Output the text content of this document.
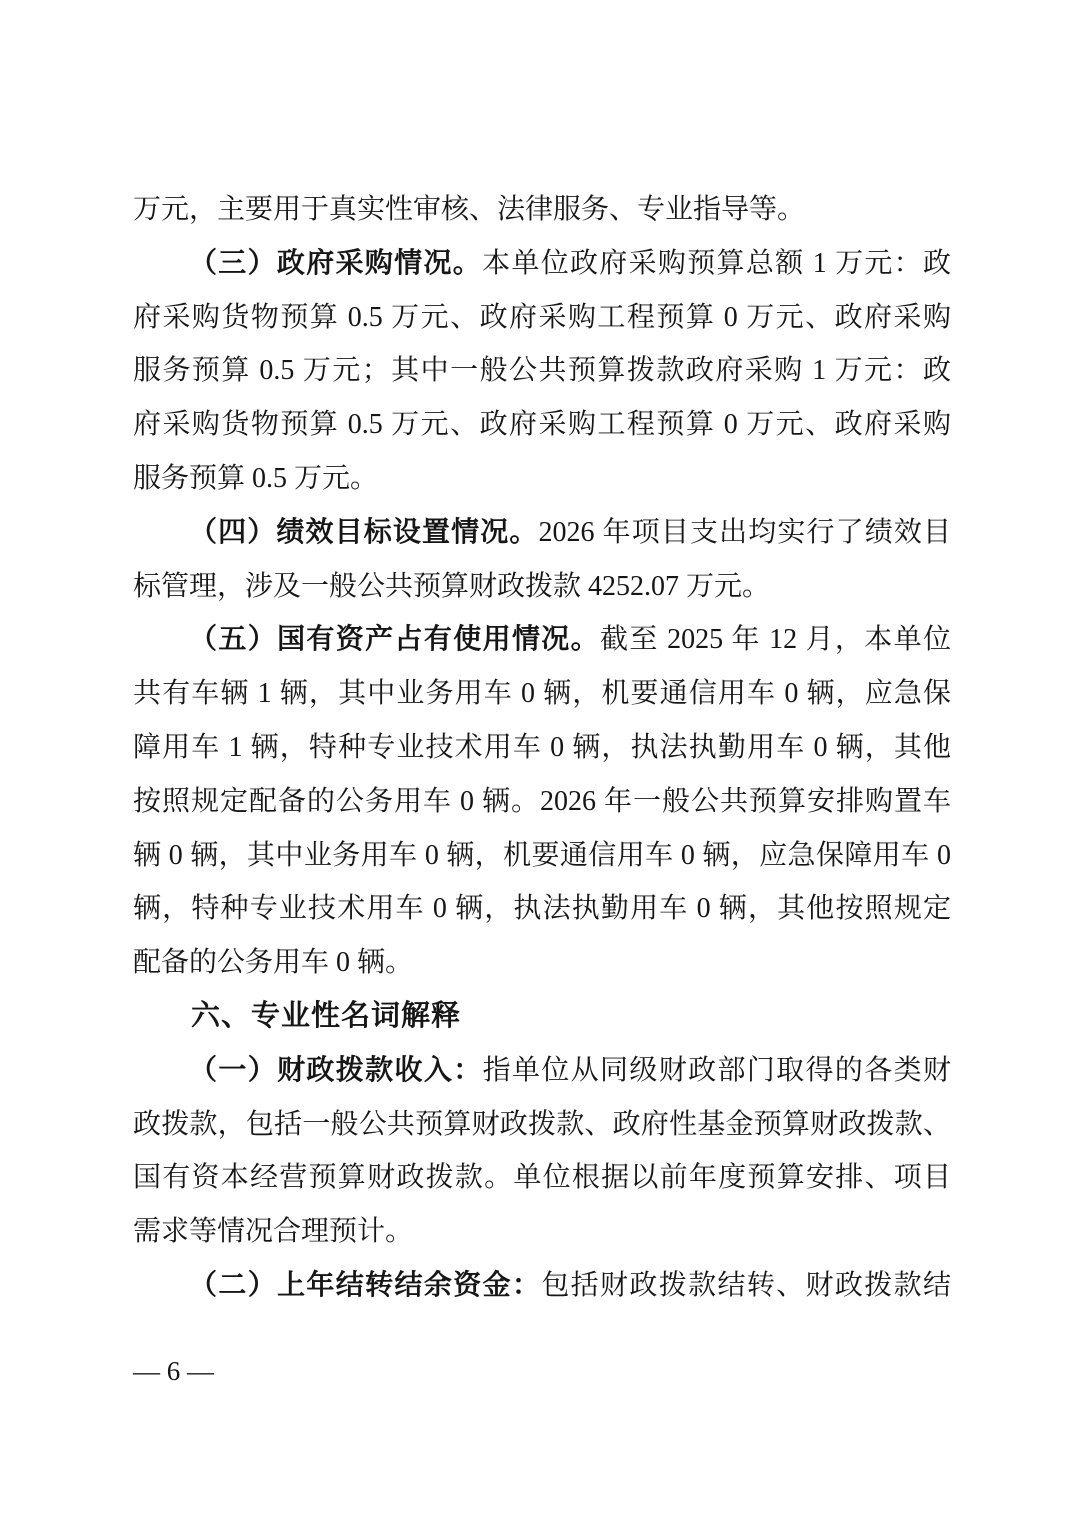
万元，主要用于真实性审核、法律服务、专业指导等。
（三）政府采购情况。本单位政府采购预算总额 1 万元：政
府采购货物预算 0.5 万元、政府采购工程预算 0 万元、政府采购
服务预算 0.5 万元；其中一般公共预算拨款政府采购 1 万元：政
府采购货物预算 0.5 万元、政府采购工程预算 0 万元、政府采购
服务预算 0.5 万元。
（四）绩效目标设置情况。2026 年项目支出均实行了绩效目
标管理，涉及一般公共预算财政拨款 4252.07 万元。
（五）国有资产占有使用情况。截至 2025 年 12 月，本单位
共有车辆 1 辆，其中业务用车 0 辆，机要通信用车 0 辆，应急保
障用车 1 辆，特种专业技术用车 0 辆，执法执勤用车 0 辆，其他
按照规定配备的公务用车 0 辆。2026 年一般公共预算安排购置车
辆 0 辆，其中业务用车 0 辆，机要通信用车 0 辆，应急保障用车 0
辆，特种专业技术用车 0 辆，执法执勤用车 0 辆，其他按照规定
配备的公务用车 0 辆。
六、专业性名词解释
（一）财政拨款收入：指单位从同级财政部门取得的各类财
政拨款，包括一般公共预算财政拨款、政府性基金预算财政拨款、
国有资本经营预算财政拨款。单位根据以前年度预算安排、项目
需求等情况合理预计。
（二）上年结转结余资金：包括财政拨款结转、财政拨款结
— 6 —
